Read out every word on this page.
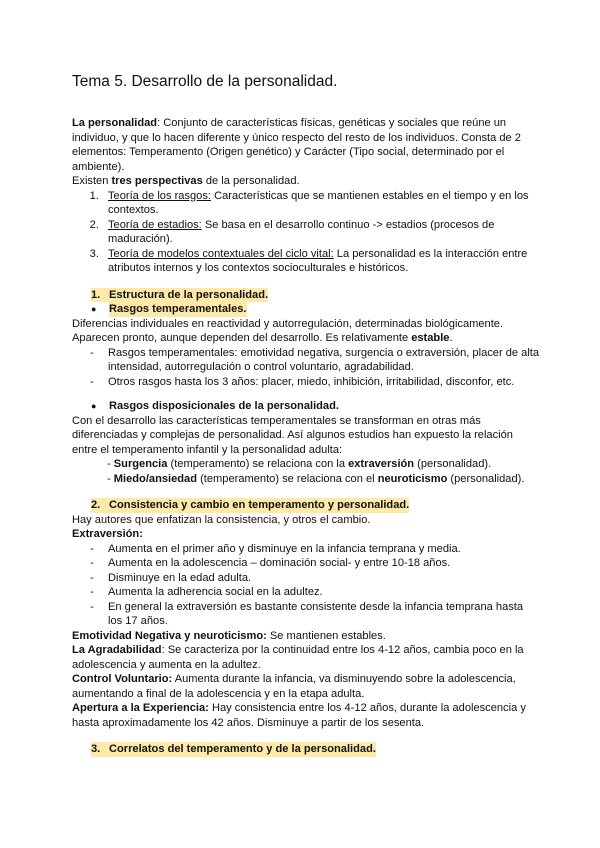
Tema 5. Desarrollo de la personalidad.

La personalidad: Conjunto de características físicas, genéticas y sociales que reúne un individuo, y que lo hacen diferente y único respecto del resto de los individuos. Consta de 2 elementos: Temperamento (Origen genético) y Carácter (Tipo social, determinado por el ambiente).

Existen tres perspectivas de la personalidad.

1. Teoría de los rasgos: Características que se mantienen estables en el tiempo y en los contextos.
2. Teoría de estadios: Se basa en el desarrollo continuo -> estadios (procesos de maduración).
3. Teoría de modelos contextuales del ciclo vital: La personalidad es la interacción entre atributos internos y los contextos socioculturales e históricos.
1. Estructura de la personalidad.
●	Rasgos temperamentales.

Diferencias individuales en reactividad y autorregulación, determinadas biológicamente. Aparecen pronto, aunque dependen del desarrollo. Es relativamente estable.

-	Rasgos temperamentales: emotividad negativa, surgencia o extraversión, placer de alta intensidad, autorregulación o control voluntario, agradabilidad.
-	Otros rasgos hasta los 3 años: placer, miedo, inhibición, irritabilidad, disconfor, etc.
●	Rasgos disposicionales de la personalidad.

Con el desarrollo las características temperamentales se transforman en otras más diferenciadas y complejas de personalidad. Así algunos estudios han expuesto la relación entre el temperamento infantil y la personalidad adulta:

- Surgencia (temperamento) se relaciona con la extraversión (personalidad).
- Miedo/ansiedad (temperamento) se relaciona con el neuroticismo (personalidad).
2. Consistencia y cambio en temperamento y personalidad.

Hay autores que enfatizan la consistencia, y otros el cambio.

Extraversión:

-	Aumenta en el primer año y disminuye en la infancia temprana y media.
-	Aumenta en la adolescencia – dominación social- y entre 10-18 años.
-	Disminuye en la edad adulta.
-	Aumenta la adherencia social en la adultez.
-	En general la extraversión es bastante consistente desde la infancia temprana hasta los 17 años.

Emotividad Negativa y neuroticismo: Se mantienen estables.

La Agradabilidad: Se caracteriza por la continuidad entre los 4-12 años, cambia poco en la adolescencia y aumenta en la adultez.

Control Voluntario: Aumenta durante la infancia, va disminuyendo sobre la adolescencia, aumentando a final de la adolescencia y en la etapa adulta.

Apertura a la Experiencia: Hay consistencia entre los 4-12 años, durante la adolescencia y hasta aproximadamente los 42 años. Disminuye a partir de los sesenta.

3. Correlatos del temperamento y de la personalidad.
